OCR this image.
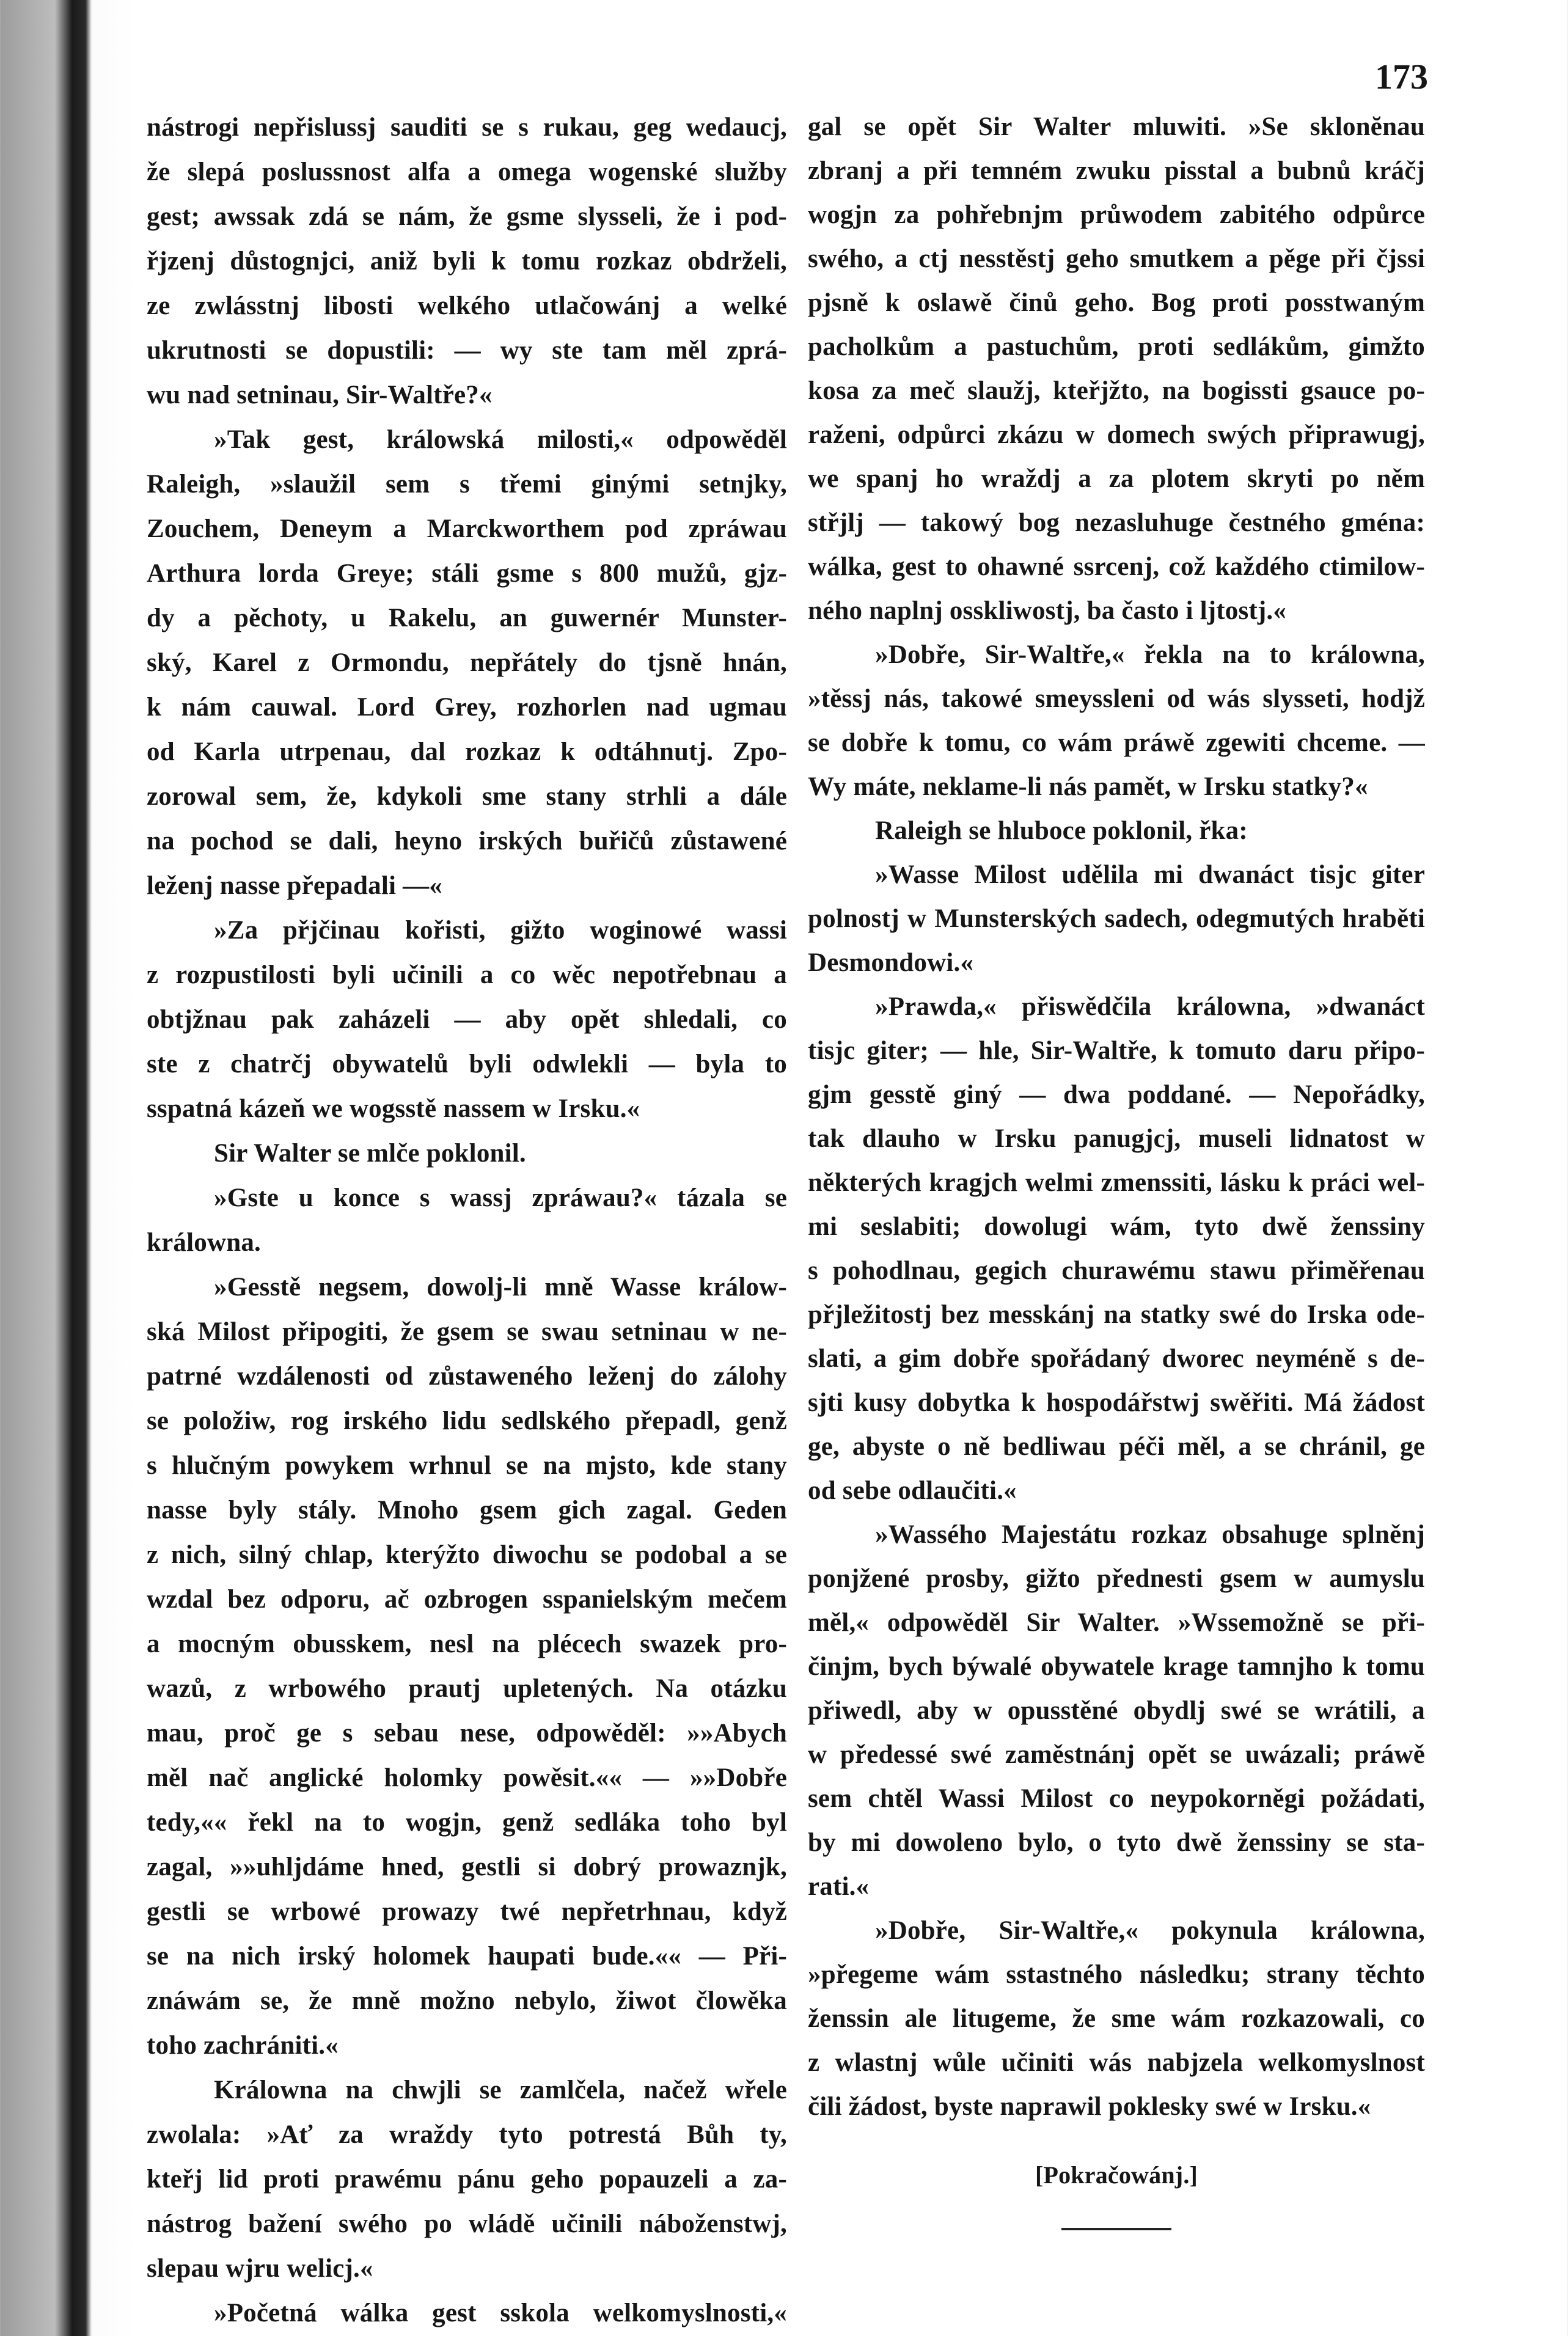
173
nástrogi nepřislussj sauditi se s rukau, geg wedaucj,
že slepá poslussnost alfa a omega wogenské služby
gest; awssak zdá se nám, že gsme slysseli, že i pod-
řjzenj důstognjci, aniž byli k tomu rozkaz obdrželi,
ze zwlásstnj libosti welkého utlačowánj a welké
ukrutnosti se dopustili: — wy ste tam měl zprá-
wu nad setninau, Sir-Waltře?«
»Tak gest, králowská milosti,« odpowěděl
Raleigh, »slaužil sem s třemi ginými setnjky,
Zouchem, Deneym a Marckworthem pod zpráwau
Arthura lorda Greye; stáli gsme s 800 mužů, gjz-
dy a pěchoty, u Rakelu, an guwernér Munster-
ský, Karel z Ormondu, nepřátely do tjsně hnán,
k nám cauwal. Lord Grey, rozhorlen nad ugmau
od Karla utrpenau, dal rozkaz k odtáhnutj. Zpo-
zorowal sem, že, kdykoli sme stany strhli a dále
na pochod se dali, heyno irských buřičů zůstawené
leženj nasse přepadali —«
»Za přjčinau kořisti, gižto woginowé wassi
z rozpustilosti byli učinili a co wěc nepotřebnau a
obtjžnau pak zaházeli — aby opět shledali, co
ste z chatrčj obywatelů byli odwlekli — byla to
sspatná kázeň we wogsstě nassem w Irsku.«
Sir Walter se mlče poklonil.
»Gste u konce s wassj zpráwau?« tázala se
králowna.
»Gesstě negsem, dowolj-li mně Wasse králow-
ská Milost připogiti, že gsem se swau setninau w ne-
patrné wzdálenosti od zůstaweného leženj do zálohy
se položiw, rog irského lidu sedlského přepadl, genž
s hlučným powykem wrhnul se na mjsto, kde stany
nasse byly stály. Mnoho gsem gich zagal. Geden
z nich, silný chlap, kterýžto diwochu se podobal a se
wzdal bez odporu, ač ozbrogen sspanielským mečem
a mocným obusskem, nesl na plécech swazek pro-
wazů, z wrbowého prautj upletených. Na otázku
mau, proč ge s sebau nese, odpowěděl: »»Abych
měl nač anglické holomky powěsit.«« — »»Dobře
tedy,«« řekl na to wogjn, genž sedláka toho byl
zagal, »»uhljdáme hned, gestli si dobrý prowaznjk,
gestli se wrbowé prowazy twé nepřetrhnau, když
se na nich irský holomek haupati bude.«« — Při-
znáwám se, že mně možno nebylo, žiwot člowěka
toho zachrániti.«
Králowna na chwjli se zamlčela, načež wřele
zwolala: »Ať za wraždy tyto potrestá Bůh ty,
kteřj lid proti prawému pánu geho popauzeli a za-
nástrog bažení swého po wládě učinili náboženstwj,
slepau wjru welicj.«
»Početná wálka gest sskola welkomyslnosti,«
gal se opět Sir Walter mluwiti. »Se sklonĕnau
zbranj a při temném zwuku pisstal a bubnů kráčj
wogjn za pohřebnjm průwodem zabitého odpůrce
swého, a ctj nesstěstj geho smutkem a pěge při čjssi
pjsně k oslawě činů geho. Bog proti posstwaným
pacholkům a pastuchům, proti sedlákům, gimžto
kosa za meč slaužj, kteřjžto, na bogissti gsauce po-
raženi, odpůrci zkázu w domech swých připrawugj,
we spanj ho wraždj a za plotem skryti po něm
střjlj — takowý bog nezasluhuge čestného gména:
wálka, gest to ohawné ssrcenj, což každého ctimilow-
ného naplnj osskliwostj, ba často i ljtostj.«
»Dobře, Sir-Waltře,« řekla na to králowna,
»těssj nás, takowé smeyssleni od wás slysseti, hodjž
se dobře k tomu, co wám práwě zgewiti chceme. —
Wy máte, neklame-li nás pamět, w Irsku statky?«
Raleigh se hluboce poklonil, řka:
»Wasse Milost udělila mi dwanáct tisjc giter
polnostj w Munsterských sadech, odegmutých hraběti
Desmondowi.«
»Prawda,« přiswědčila králowna, »dwanáct
tisjc giter; — hle, Sir-Waltře, k tomuto daru připo-
gjm gesstě giný — dwa poddané. — Nepořádky,
tak dlauho w Irsku panugjcj, museli lidnatost w
některých kragjch welmi zmenssiti, lásku k práci wel-
mi seslabiti; dowolugi wám, tyto dwě ženssiny
s pohodlnau, gegich churawému stawu přiměřenau
přjležitostj bez messkánj na statky swé do Irska ode-
slati, a gim dobře spořádaný dworec neyméně s de-
sjti kusy dobytka k hospodářstwj swěřiti. Má žádost
ge, abyste o ně bedliwau péči měl, a se chránil, ge
od sebe odlaučiti.«
»Wassého Majestátu rozkaz obsahuge splněnj
ponjžené prosby, gižto přednesti gsem w aumyslu
měl,« odpowěděl Sir Walter. »Wssemožně se při-
činjm, bych býwalé obywatele krage tamnjho k tomu
přiwedl, aby w opusstěné obydlj swé se wrátili, a
w předessé swé zaměstnánj opět se uwázali; práwě
sem chtěl Wassi Milost co neypokorněgi požádati,
by mi dowoleno bylo, o tyto dwě ženssiny se sta-
rati.«
»Dobře, Sir-Waltře,« pokynula králowna,
»přegeme wám sstastného následku; strany těchto
ženssin ale litugeme, že sme wám rozkazowali, co
z wlastnj wůle učiniti wás nabjzela welkomyslnost
čili žádost, byste naprawil poklesky swé w Irsku.«
[Pokračowánj.]
